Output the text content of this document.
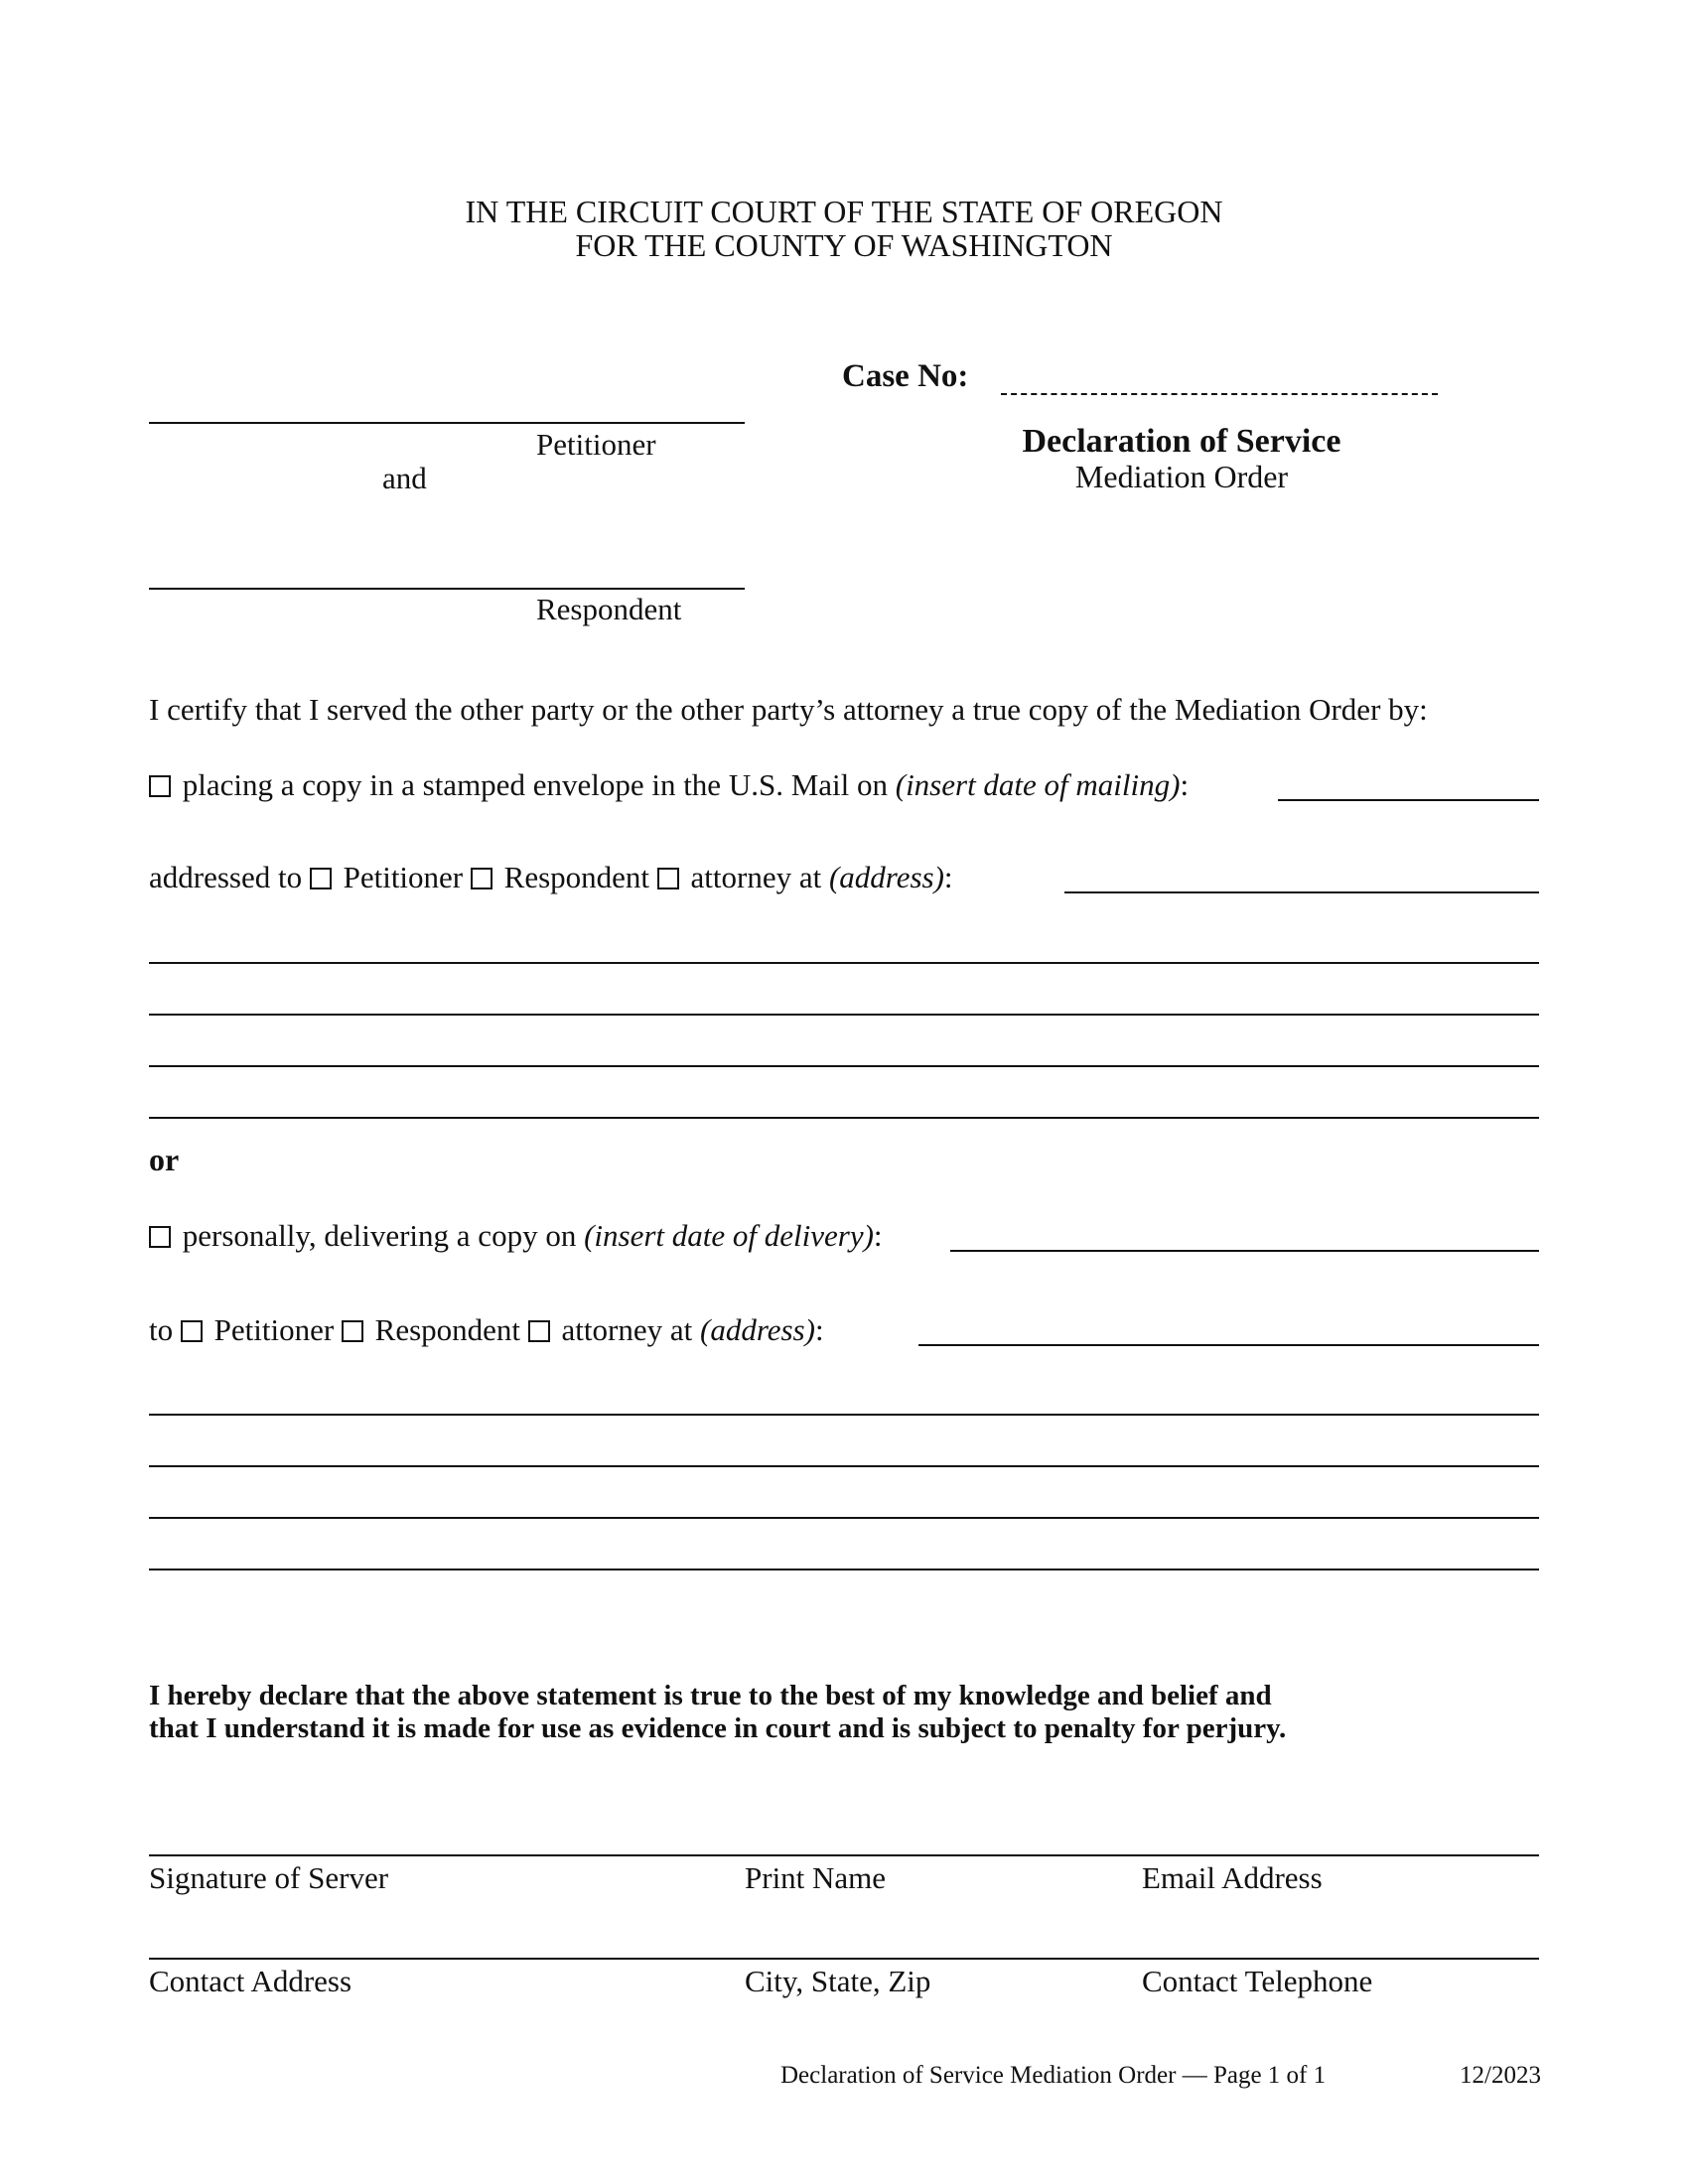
IN THE CIRCUIT COURT OF THE STATE OF OREGON
FOR THE COUNTY OF WASHINGTON
Case No:
Petitioner
and
Respondent
Declaration of Service
Mediation Order
I certify that I served the other party or the other party’s attorney a true copy of the Mediation Order by:
placing a copy in a stamped envelope in the U.S. Mail on (insert date of mailing):
addressed to Petitioner Respondent attorney at (address):
or
personally, delivering a copy on (insert date of delivery):
to Petitioner Respondent attorney at (address):
I hereby declare that the above statement is true to the best of my knowledge and belief and
that I understand it is made for use as evidence in court and is subject to penalty for perjury.
Signature of Server	Print Name	Email Address
Contact Address	City, State, Zip	Contact Telephone
Declaration of Service Mediation Order — Page 1 of 1	12/2023
